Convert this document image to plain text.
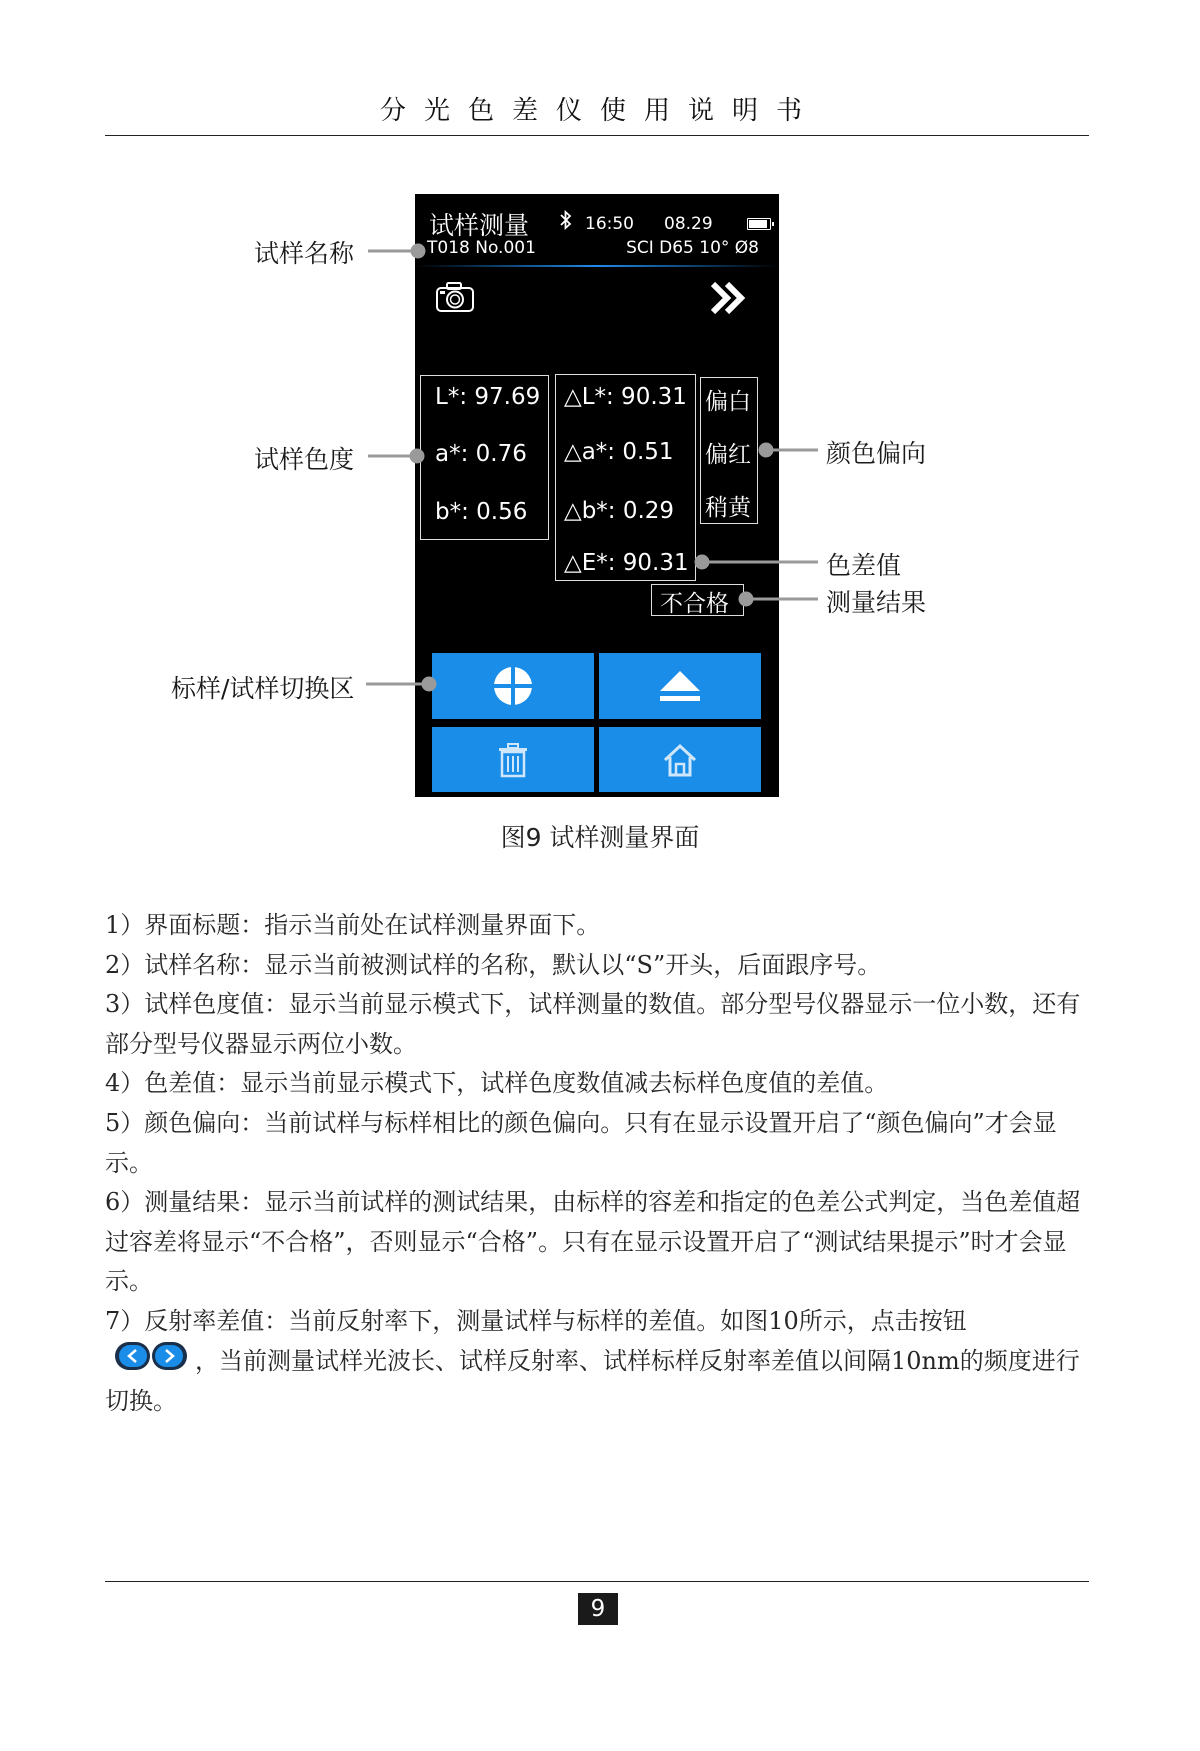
分光色差仪使用说明书
试样测量	16:50 08.29
T018 No.001	SCI D65 10° Ø8
L*: 97.69
a*: 0.76
b*: 0.56
△L*: 90.31
△a*: 0.51
△b*: 0.29
△E*: 90.31
偏白
偏红
稍黄
不合格
试样名称
试样色度
标样/试样切换区
颜色偏向
色差值
测量结果
图9 试样测量界面

1）界面标题：指示当前处在试样测量界面下。

2）试样名称：显示当前被测试样的名称，默认以“S”开头，后面跟序号。

3）试样色度值：显示当前显示模式下，试样测量的数值。部分型号仪器显示一位小数，还有部分型号仪器显示两位小数。

4）色差值：显示当前显示模式下，试样色度数值减去标样色度值的差值。

5）颜色偏向：当前试样与标样相比的颜色偏向。只有在显示设置开启了“颜色偏向”才会显示。

6）测量结果：显示当前试样的测试结果，由标样的容差和指定的色差公式判定，当色差值超过容差将显示“不合格”，否则显示“合格”。只有在显示设置开启了“测试结果提示”时才会显示。

7）反射率差值：当前反射率下，测量试样与标样的差值。如图10所示，点击按钮
，当前测量试样光波长、试样反射率、试样标样反射率差值以间隔10nm的频度进行切换。

9
